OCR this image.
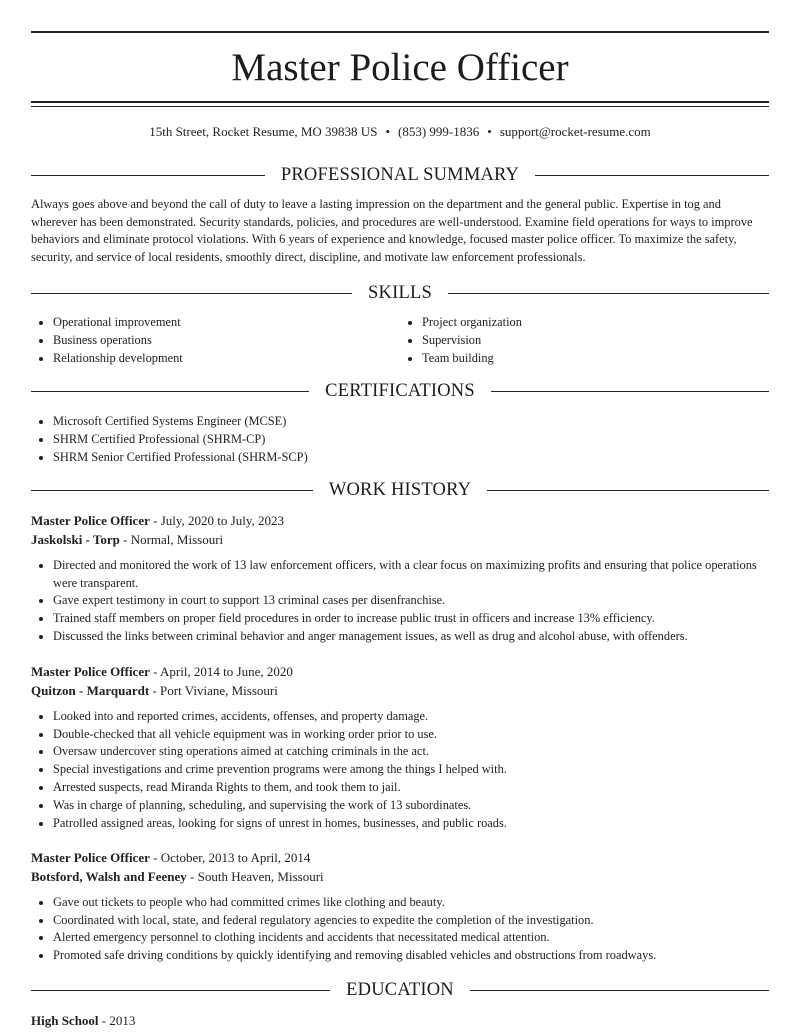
Master Police Officer
15th Street, Rocket Resume, MO 39838 US • (853) 999-1836 • support@rocket-resume.com
PROFESSIONAL SUMMARY
Always goes above and beyond the call of duty to leave a lasting impression on the department and the general public. Expertise in tog and wherever has been demonstrated. Security standards, policies, and procedures are well-understood. Examine field operations for ways to improve behaviors and eliminate protocol violations. With 6 years of experience and knowledge, focused master police officer. To maximize the safety, security, and service of local residents, smoothly direct, discipline, and motivate law enforcement professionals.
SKILLS
• Operational improvement
• Business operations
• Relationship development
• Project organization
• Supervision
• Team building
CERTIFICATIONS
• Microsoft Certified Systems Engineer (MCSE)
• SHRM Certified Professional (SHRM-CP)
• SHRM Senior Certified Professional (SHRM-SCP)
WORK HISTORY
Master Police Officer - July, 2020 to July, 2023
Jaskolski - Torp - Normal, Missouri
• Directed and monitored the work of 13 law enforcement officers, with a clear focus on maximizing profits and ensuring that police operations were transparent.
• Gave expert testimony in court to support 13 criminal cases per disenfranchise.
• Trained staff members on proper field procedures in order to increase public trust in officers and increase 13% efficiency.
• Discussed the links between criminal behavior and anger management issues, as well as drug and alcohol abuse, with offenders.
Master Police Officer - April, 2014 to June, 2020
Quitzon - Marquardt - Port Viviane, Missouri
• Looked into and reported crimes, accidents, offenses, and property damage.
• Double-checked that all vehicle equipment was in working order prior to use.
• Oversaw undercover sting operations aimed at catching criminals in the act.
• Special investigations and crime prevention programs were among the things I helped with.
• Arrested suspects, read Miranda Rights to them, and took them to jail.
• Was in charge of planning, scheduling, and supervising the work of 13 subordinates.
• Patrolled assigned areas, looking for signs of unrest in homes, businesses, and public roads.
Master Police Officer - October, 2013 to April, 2014
Botsford, Walsh and Feeney - South Heaven, Missouri
• Gave out tickets to people who had committed crimes like clothing and beauty.
• Coordinated with local, state, and federal regulatory agencies to expedite the completion of the investigation.
• Alerted emergency personnel to clothing incidents and accidents that necessitated medical attention.
• Promoted safe driving conditions by quickly identifying and removing disabled vehicles and obstructions from roadways.
EDUCATION
High School - 2013
